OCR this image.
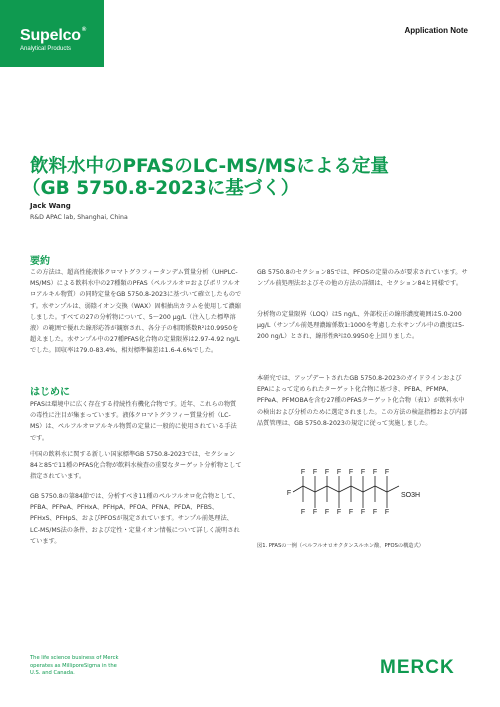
Supelco®
Analytical Products
Application Note
飲料水中のPFASのLC-MS/MSによる定量
（GB 5750.8-2023に基づく）
Jack Wang
R&D APAC lab, Shanghai, China
要約

この方法は、超高性能液体クロマトグラフィータンデム質量分析（UHPLC-MS/MS）による飲料水中の27種類のPFAS（ペルフルオロおよびポリフルオロアルキル物質）の同時定量をGB 5750.8-2023に基づいて確立したものです。水サンプルは、弱陰イオン交換（WAX）固相抽出カラムを使用して濃縮しました。すべての27の分析物について、5〜200 μg/L（注入した標準溶液）の範囲で優れた線形応答が観察され、各分子の相関係数R²は0.9950を超えました。水サンプル中の27種PFAS化合物の定量限界は2.97-4.92 ng/Lでした。回収率は79.0-83.4%、相対標準偏差は1.6-4.6%でした。

はじめに

PFASは環境中に広く存在する持続性有機化合物です。近年、これらの物質の毒性に注目が集まっています。液体クロマトグラフィー質量分析（LC-MS）は、ペルフルオロアルキル物質の定量に一般的に使用されている手法です。

中国の飲料水に関する新しい国家標準GB 5750.8-2023では、セクション84と85で11種のPFAS化合物が飲料水検査の重要なターゲット分析物として指定されています。

GB 5750.8の第84節では、分析すべき11種のペルフルオロ化合物として、PFBA、PFPeA、PFHxA、PFHpA、PFOA、PFNA、PFDA、PFBS、PFHxS、PFHpS、およびPFOSが規定されています。サンプル前処理法、LC-MS/MS法の条件、および定性・定量イオン情報について詳しく説明されています。

GB 5750.8のセクション85では、PFOSの定量のみが要求されています。サンプル前処理法およびその他の方法の詳細は、セクション84と同様です。

分析物の定量限界（LOQ）は5 ng/L、外部校正の線形濃度範囲は5.0-200 μg/L（サンプル前処理濃縮係数1:1000を考慮した水サンプル中の濃度は5-200 ng/L）とされ、線形性R²は0.9950を上回りました。

本研究では、アップデートされたGB 5750.8-2023のガイドラインおよびEPAによって定められたターゲット化合物に基づき、PFBA、PFMPA、PFPeA、PFMOBAを含む27種のPFASターゲット化合物（表1）が飲料水中の検出および分析のために選定されました。この方法の検証指標および内部品質管理は、GB 5750.8-2023の規定に従って実施しました。

F
F
F
F
F
F
F
F
F
F
F
F
F
F
F
F
F
SO3H
図1. PFASの一例（ペルフルオロオクタンスルホン酸、PFOSの構造式）
The life science business of Merck operates as MilliporeSigma in the U.S. and Canada.	MERCK
